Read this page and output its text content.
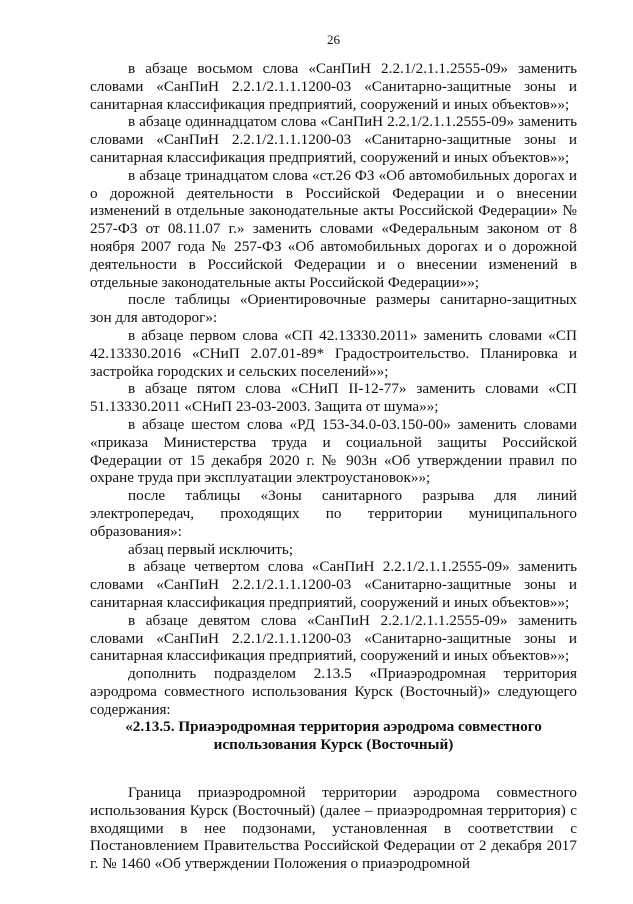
26

в абзаце восьмом слова «СанПиН 2.2.1/2.1.1.2555-09» заменить словами «СанПиН 2.2.1/2.1.1.1200-03 «Санитарно-защитные зоны и санитарная классификация предприятий, сооружений и иных объектов»»;

в абзаце одиннадцатом слова «СанПиН 2.2.1/2.1.1.2555-09» заменить словами «СанПиН 2.2.1/2.1.1.1200-03 «Санитарно-защитные зоны и санитарная классификация предприятий, сооружений и иных объектов»»;

в абзаце тринадцатом слова «ст.26 ФЗ «Об автомобильных дорогах и о дорожной деятельности в Российской Федерации и о внесении изменений в отдельные законодательные акты Российской Федерации» № 257-ФЗ от 08.11.07 г.» заменить словами «Федеральным законом от 8 ноября 2007 года № 257-ФЗ «Об автомобильных дорогах и о дорожной деятельности в Российской Федерации и о внесении изменений в отдельные законодательные акты Российской Федерации»»;

после таблицы «Ориентировочные размеры санитарно-защитных зон для автодорог»:

в абзаце первом слова «СП 42.13330.2011» заменить словами «СП 42.13330.2016 «СНиП 2.07.01-89* Градостроительство. Планировка и застройка городских и сельских поселений»»;

в абзаце пятом слова «СНиП II-12-77» заменить словами «СП 51.13330.2011 «СНиП 23-03-2003. Защита от шума»»;

в абзаце шестом слова «РД 153-34.0-03.150-00» заменить словами «приказа Министерства труда и социальной защиты Российской Федерации от 15 декабря 2020 г. № 903н «Об утверждении правил по охране труда при эксплуатации электроустановок»»;

после таблицы «Зоны санитарного разрыва для линий электропередач, проходящих по территории муниципального образования»:

абзац первый исключить;

в абзаце четвертом слова «СанПиН 2.2.1/2.1.1.2555-09» заменить словами «СанПиН 2.2.1/2.1.1.1200-03 «Санитарно-защитные зоны и санитарная классификация предприятий, сооружений и иных объектов»»;

в абзаце девятом слова «СанПиН 2.2.1/2.1.1.2555-09» заменить словами «СанПиН 2.2.1/2.1.1.1200-03 «Санитарно-защитные зоны и санитарная классификация предприятий, сооружений и иных объектов»»;

дополнить подразделом 2.13.5 «Приаэродромная территория аэродрома совместного использования Курск (Восточный)» следующего содержания:

«2.13.5. Приаэродромная территория аэродрома совместного
использования Курск (Восточный)

Граница приаэродромной территории аэродрома совместного использования Курск (Восточный) (далее – приаэродромная территория) с входящими в нее подзонами, установленная в соответствии с Постановлением Правительства Российской Федерации от 2 декабря 2017 г. № 1460 «Об утверждении Положения о приаэродромной
